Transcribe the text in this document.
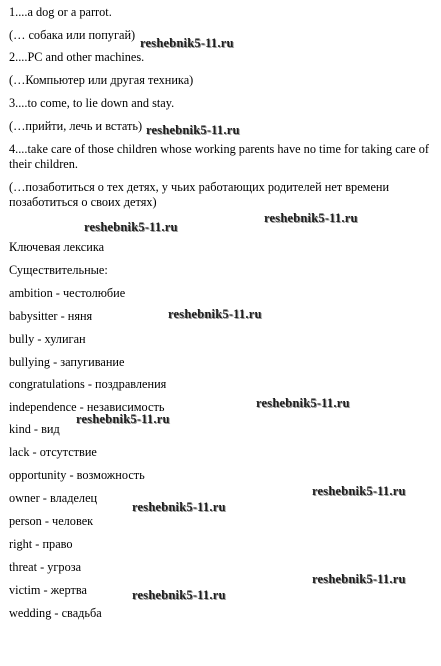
1....a dog or a parrot.
(… собака или попугай)
2....PC and other machines.
(…Компьютер или другая техника)
3....to come, to lie down and stay.
(…прийти, лечь и встать)
4....take care of those children whose working parents have no time for taking care of their children.
(…позаботиться о тех детях, у чьих работающих родителей нет времени позаботиться о своих детях)
Ключевая лексика
Существительные:
ambition - честолюбие
babysitter - няня
bully - хулиган
bullying - запугивание
congratulations - поздравления
independence - независимость
kind - вид
lack - отсутствие
opportunity - возможность
owner - владелец
person - человек
right - право
threat - угроза
victim - жертва
wedding - свадьба
reshebnik5-11.ru
reshebnik5-11.ru
reshebnik5-11.ru
reshebnik5-11.ru
reshebnik5-11.ru
reshebnik5-11.ru
reshebnik5-11.ru
reshebnik5-11.ru
reshebnik5-11.ru
reshebnik5-11.ru
reshebnik5-11.ru
